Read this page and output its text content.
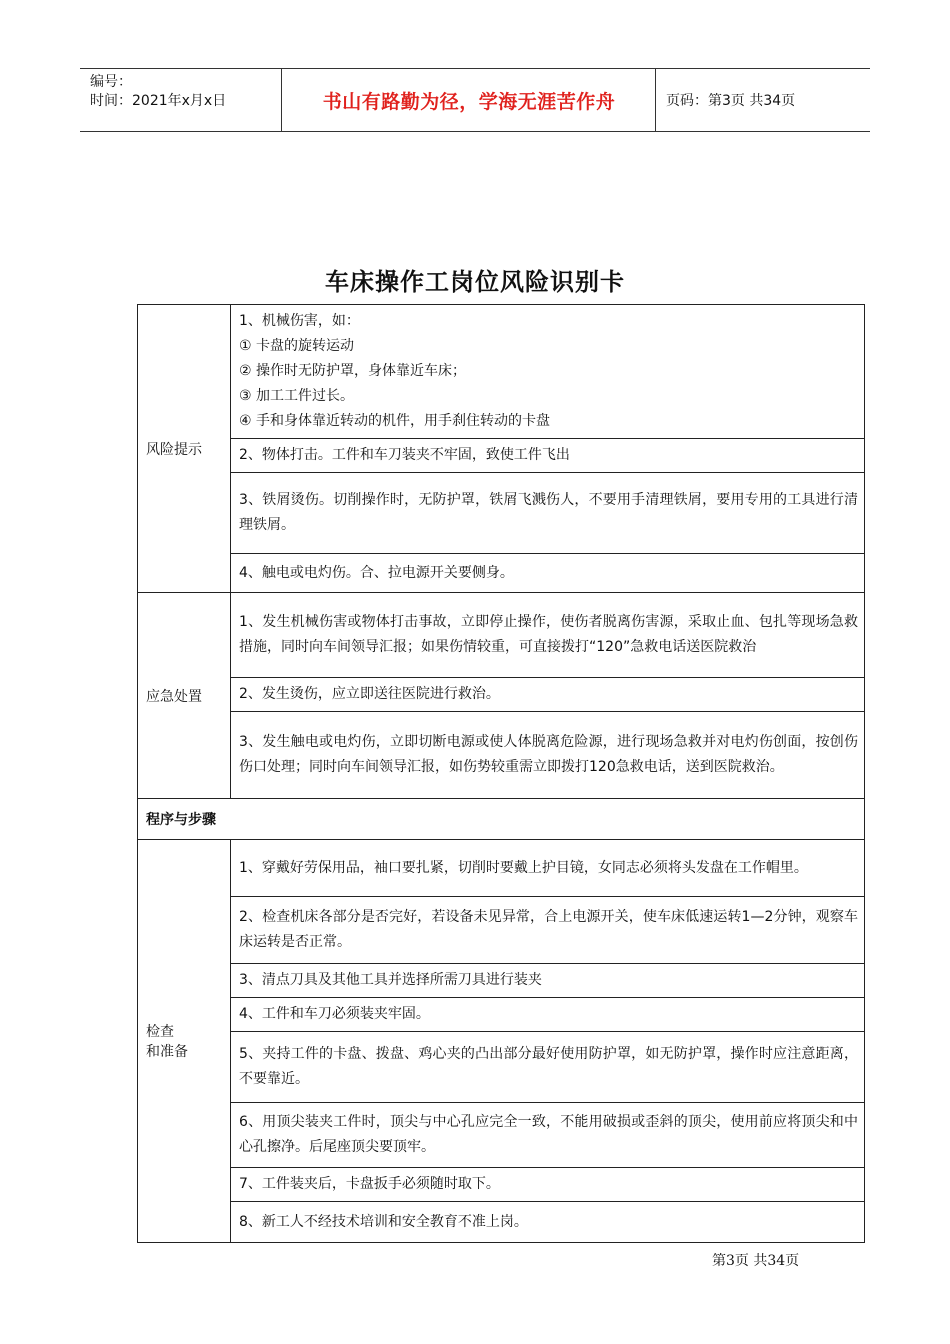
编号：
时间：2021年x月x日	书山有路勤为径，学海无涯苦作舟	页码：第3页 共34页
车床操作工岗位风险识别卡
风险提示	1、机械伤害，如：
① 卡盘的旋转运动
② 操作时无防护罩，身体靠近车床；
③ 加工工件过长。
④ 手和身体靠近转动的机件，用手刹住转动的卡盘

	2、物体打击。工件和车刀装夹不牢固，致使工件飞出

	3、铁屑烫伤。切削操作时，无防护罩，铁屑飞溅伤人，不要用手清理铁屑，要用专用的工具进行清理铁屑。

	4、触电或电灼伤。合、拉电源开关要侧身。

应急处置	1、发生机械伤害或物体打击事故，立即停止操作，使伤者脱离伤害源，采取止血、包扎等现场急救措施，同时向车间领导汇报；如果伤情较重，可直接拨打“120”急救电话送医院救治
	2、发生烫伤，应立即送往医院进行救治。
	3、发生触电或电灼伤，立即切断电源或使人体脱离危险源，进行现场急救并对电灼伤创面，按创伤伤口处理；同时向车间领导汇报，如伤势较重需立即拨打120急救电话，送到医院救治。
程序与步骤	

检查
和准备	1、穿戴好劳保用品，袖口要扎紧，切削时要戴上护目镜，女同志必须将头发盘在工作帽里。
	2、检查机床各部分是否完好，若设备未见异常，合上电源开关，使车床低速运转1—2分钟，观察车床运转是否正常。
	3、清点刀具及其他工具并选择所需刀具进行装夹
	4、工件和车刀必须装夹牢固。
	5、夹持工件的卡盘、拨盘、鸡心夹的凸出部分最好使用防护罩，如无防护罩，操作时应注意距离，不要靠近。
	6、用顶尖装夹工件时，顶尖与中心孔应完全一致，不能用破损或歪斜的顶尖，使用前应将顶尖和中心孔擦净。后尾座顶尖要顶牢。
	7、工件装夹后，卡盘扳手必须随时取下。
	8、新工人不经技术培训和安全教育不准上岗。
第3页 共34页
